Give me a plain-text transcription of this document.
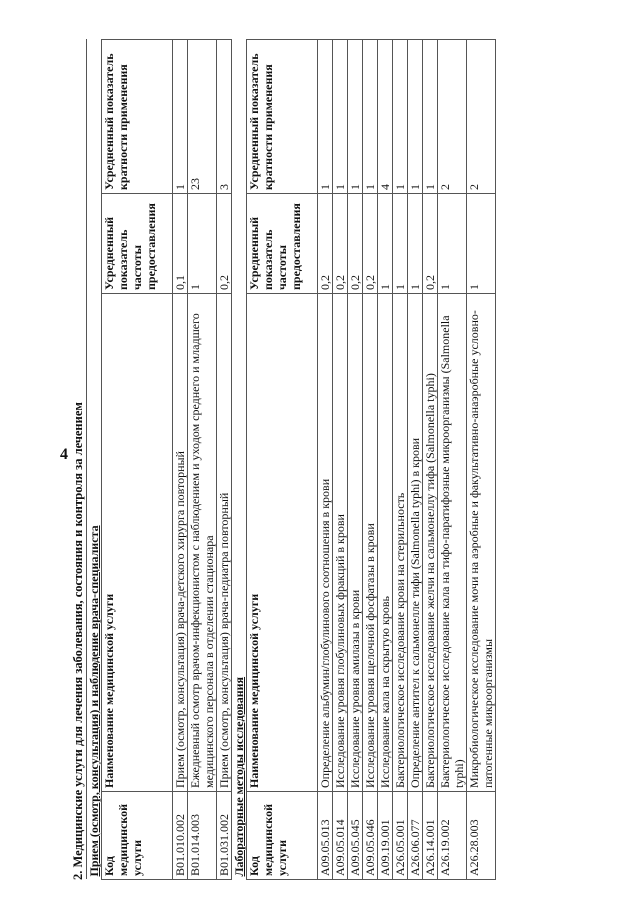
4 2. Медицинские услуги для лечения заболевания, состояния и контроля за лечением Прием (осмотр, консультация) и наблюдение врача-специалиста			
Код медицинской услуги	Наименование медицинской услуги	Усредненный показатель частоты предоставления	Усредненный показатель кратности применения
B01.010.002	Прием (осмотр, консультация) врача-детского хирурга повторный	0,1	1
B01.014.003	Ежедневный осмотр врачом-инфекционистом с наблюдением и уходом среднего и младшего медицинского персонала в отделении стационара	1	23
B01.031.002	Прием (осмотр, консультация) врача-педиатра повторный	0,2	3
Лабораторные методы исследования			
Код медицинской услуги	Наименование медицинской услуги	Усредненный показатель частоты предоставления	Усредненный показатель кратности применения
A09.05.013	Определение альбумин/глобулинового соотношения в крови	0,2	1
A09.05.014	Исследование уровня глобулиновых фракций в крови	0,2	1
A09.05.045	Исследование уровня амилазы в крови	0,2	1
A09.05.046	Исследование уровня щелочной фосфатазы в крови	0,2	1
A09.19.001	Исследование кала на скрытую кровь	1	4
A26.05.001	Бактериологическое исследование крови на стерильность	1	1
A26.06.077	Определение антител к сальмонелле тифи (Salmonella typhi) в крови	1	1
A26.14.001	Бактериологическое исследование желчи на сальмонеллу тифа (Salmonella typhi)	0,2	1
A26.19.002	Бактериологическое исследование кала на тифо-паратифозные микроорганизмы (Salmonella typhi)	1	2
A26.28.003	Микробиологическое исследование мочи на аэробные и факультативно-анаэробные условно-патогенные микроорганизмы	1	2
